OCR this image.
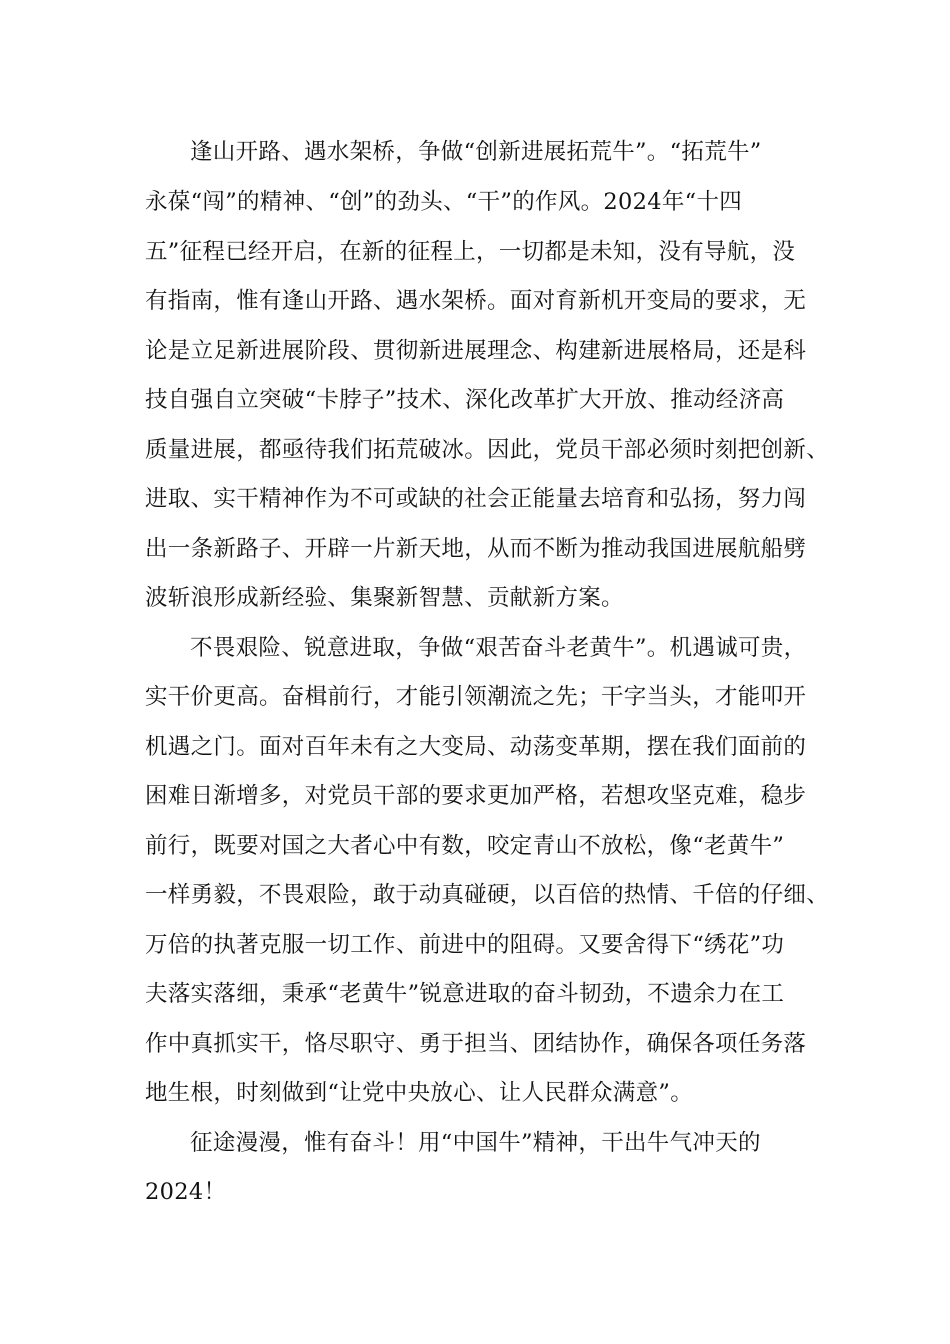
逢山开路、遇水架桥，争做“创新进展拓荒牛”。“拓荒牛”
永葆“闯”的精神、“创”的劲头、“干”的作风。2024年“十四
五”征程已经开启，在新的征程上，一切都是未知，没有导航，没
有指南，惟有逢山开路、遇水架桥。面对育新机开变局的要求，无
论是立足新进展阶段、贯彻新进展理念、构建新进展格局，还是科
技自强自立突破“卡脖子”技术、深化改革扩大开放、推动经济高
质量进展，都亟待我们拓荒破冰。因此，党员干部必须时刻把创新、
进取、实干精神作为不可或缺的社会正能量去培育和弘扬，努力闯
出一条新路子、开辟一片新天地，从而不断为推动我国进展航船劈
波斩浪形成新经验、集聚新智慧、贡献新方案。
不畏艰险、锐意进取，争做“艰苦奋斗老黄牛”。机遇诚可贵，
实干价更高。奋楫前行，才能引领潮流之先；干字当头，才能叩开
机遇之门。面对百年未有之大变局、动荡变革期，摆在我们面前的
困难日渐增多，对党员干部的要求更加严格，若想攻坚克难，稳步
前行，既要对国之大者心中有数，咬定青山不放松，像“老黄牛”
一样勇毅，不畏艰险，敢于动真碰硬，以百倍的热情、千倍的仔细、
万倍的执著克服一切工作、前进中的阻碍。又要舍得下“绣花”功
夫落实落细，秉承“老黄牛”锐意进取的奋斗韧劲，不遗余力在工
作中真抓实干，恪尽职守、勇于担当、团结协作，确保各项任务落
地生根，时刻做到“让党中央放心、让人民群众满意”。
征途漫漫，惟有奋斗！用“中国牛”精神，干出牛气冲天的
2024！
